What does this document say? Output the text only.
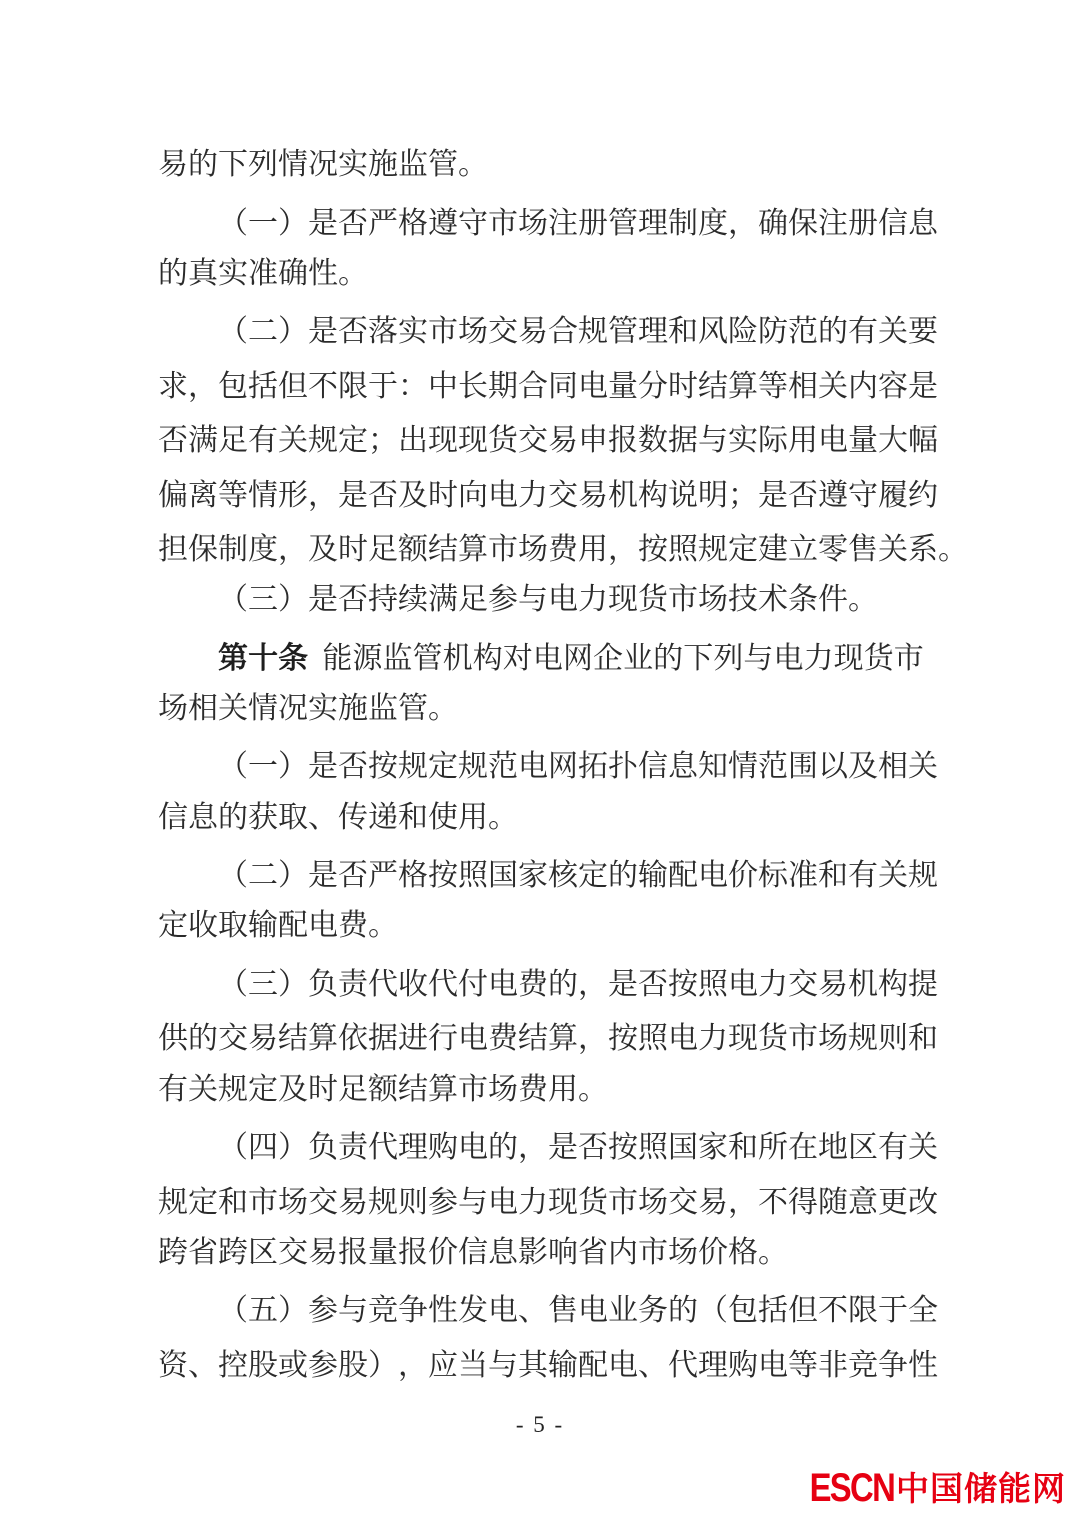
易的下列情况实施监管。
（ 一 ） 是 否 严 格 遵 守 市 场 注 册 管 理 制 度 ， 确 保 注 册 信 息
的真实准确性。
（ 二 ） 是 否 落 实 市 场 交 易 合 规 管 理 和 风 险 防 范 的 有 关 要
求 ， 包 括 但 不 限 于 ： 中 长 期 合 同 电 量 分 时 结 算 等 相 关 内 容 是
否 满 足 有 关 规 定 ； 出 现 现 货 交 易 申 报 数 据 与 实 际 用 电 量 大 幅
偏 离 等 情 形 ， 是 否 及 时 向 电 力 交 易 机 构 说 明 ； 是 否 遵 守 履 约
担 保 制 度 ， 及 时 足 额 结 算 市 场 费 用 ， 按 照 规 定 建 立 零 售 关 系 。
（三）是否持续满足参与电力现货市场技术条件。
第 十 条 能 源 监 管 机 构 对 电 网 企 业 的 下 列 与 电 力 现 货 市
场相关情况实施监管。
（ 一 ） 是 否 按 规 定 规 范 电 网 拓 扑 信 息 知 情 范 围 以 及 相 关
信息的获取、传递和使用。
（ 二 ） 是 否 严 格 按 照 国 家 核 定 的 输 配 电 价 标 准 和 有 关 规
定收取输配电费。
（ 三 ） 负 责 代 收 代 付 电 费 的 ， 是 否 按 照 电 力 交 易 机 构 提
供 的 交 易 结 算 依 据 进 行 电 费 结 算 ， 按 照 电 力 现 货 市 场 规 则 和
有关规定及时足额结算市场费用。
（ 四 ） 负 责 代 理 购 电 的 ， 是 否 按 照 国 家 和 所 在 地 区 有 关
规 定 和 市 场 交 易 规 则 参 与 电 力 现 货 市 场 交 易 ， 不 得 随 意 更 改
跨省跨区交易报量报价信息影响省内市场价格。
（ 五 ） 参 与 竞 争 性 发 电 、 售 电 业 务 的 （ 包 括 但 不 限 于 全
资 、 控 股 或 参 股 ） ， 应 当 与 其 输 配 电 、 代 理 购 电 等 非 竞 争 性
- 5 -
ESCN 中国储能网
